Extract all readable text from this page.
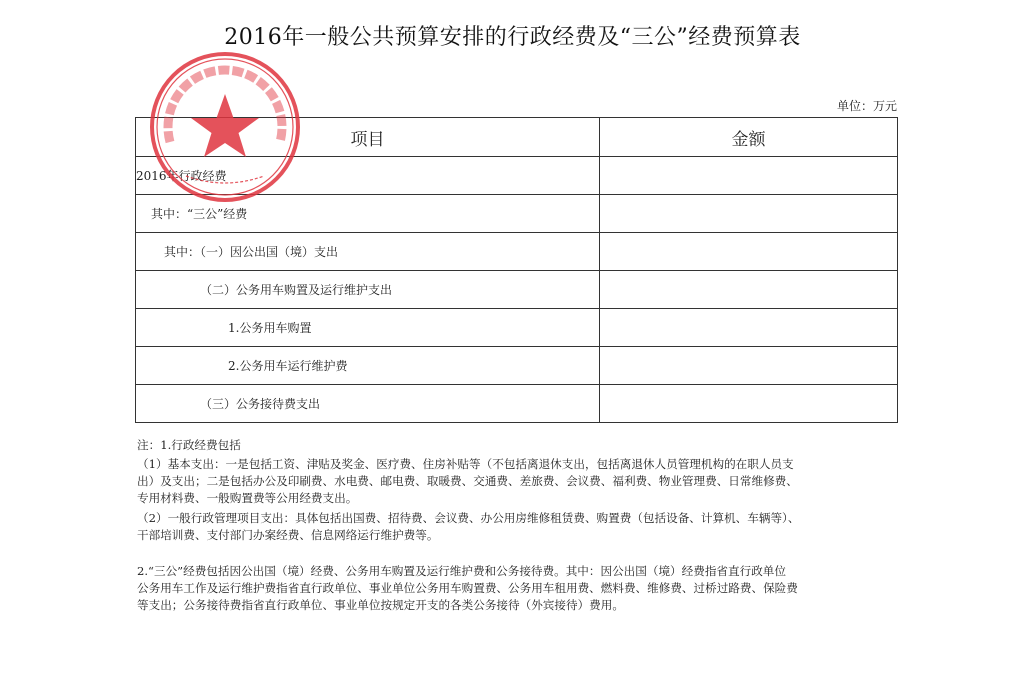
2016年一般公共预算安排的行政经费及“三公”经费预算表
单位：万元
项目	金额
2016年行政经费	
其中：“三公”经费	
其中：（一）因公出国（境）支出	
（二）公务用车购置及运行维护支出	
1.公务用车购置	
2.公务用车运行维护费	
（三）公务接待费支出	

注：1.行政经费包括

（1）基本支出：一是包括工资、津贴及奖金、医疗费、住房补贴等（不包括离退休支出，包括离退休人员管理机构的在职人员支

出）及支出；二是包括办公及印刷费、水电费、邮电费、取暖费、交通费、差旅费、会议费、福利费、物业管理费、日常维修费、

专用材料费、一般购置费等公用经费支出。

（2）一般行政管理项目支出：具体包括出国费、招待费、会议费、办公用房维修租赁费、购置费（包括设备、计算机、车辆等）、

干部培训费、支付部门办案经费、信息网络运行维护费等。

2.“三公”经费包括因公出国（境）经费、公务用车购置及运行维护费和公务接待费。其中：因公出国（境）经费指省直行政单位

公务用车工作及运行维护费指省直行政单位、事业单位公务用车购置费、公务用车租用费、燃料费、维修费、过桥过路费、保险费

等支出；公务接待费指省直行政单位、事业单位按规定开支的各类公务接待（外宾接待）费用。
